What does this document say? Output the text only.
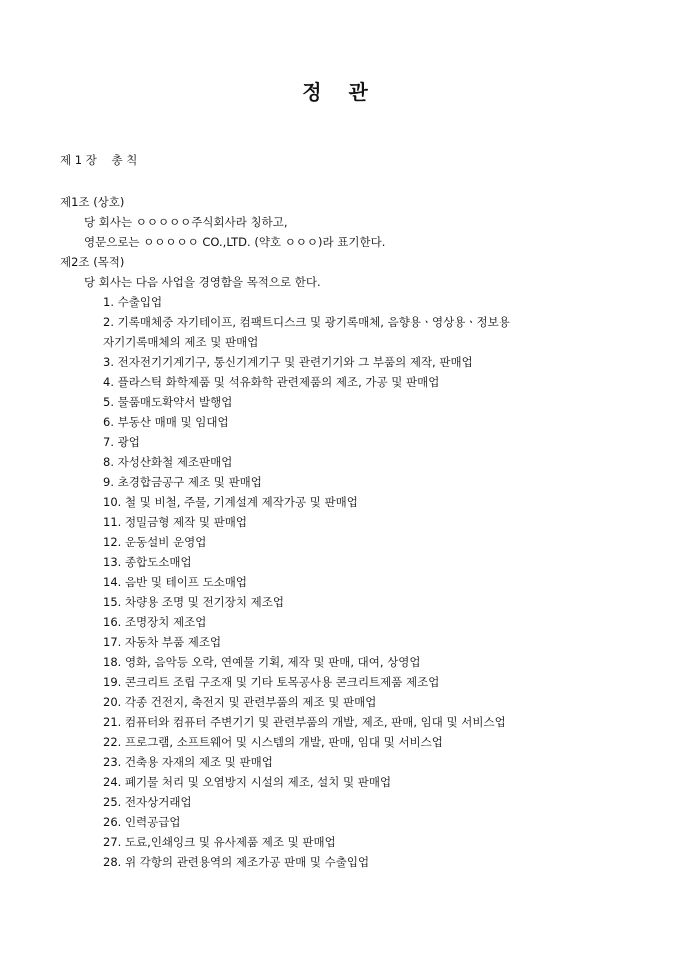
정 관
제 1 장    총 칙
제1조 (상호)
당 회사는 ㅇㅇㅇㅇㅇ주식회사라 칭하고,
영문으로는 ㅇㅇㅇㅇㅇ CO.,LTD. (약호 ㅇㅇㅇ)라 표기한다.
제2조 (목적)
당 회사는 다음 사업을 경영함을 목적으로 한다.
1. 수출입업
2. 기록매체중 자기테이프, 컴팩트디스크 및 광기록매체, 음향용ㆍ영상용ㆍ정보용
자기기록매체의 제조 및 판매업
3. 전자전기기계기구, 통신기계기구 및 관련기기와 그 부품의 제작, 판매업
4. 플라스틱 화학제품 및 석유화학 관련제품의 제조, 가공 및 판매업
5. 물품매도확약서 발행업
6. 부동산 매매 및 임대업
7. 광업
8. 자성산화철 제조판매업
9. 초경합금공구 제조 및 판매업
10. 철 및 비철, 주물, 기계설계 제작가공 및 판매업
11. 정밀금형 제작 및 판매업
12. 운동설비 운영업
13. 종합도소매업
14. 음반 및 테이프 도소매업
15. 차량용 조명 및 전기장치 제조업
16. 조명장치 제조업
17. 자동차 부품 제조업
18. 영화, 음악등 오락, 연예물 기획, 제작 및 판매, 대여, 상영업
19. 콘크리트 조립 구조재 및 기타 토목공사용 콘크리트제품 제조업
20. 각종 건전지, 축전지 및 관련부품의 제조 및 판매업
21. 컴퓨터와 컴퓨터 주변기기 및 관련부품의 개발, 제조, 판매, 임대 및 서비스업
22. 프로그램, 소프트웨어 및 시스템의 개발, 판매, 임대 및 서비스업
23. 건축용 자재의 제조 및 판매업
24. 폐기물 처리 및 오염방지 시설의 제조, 설치 및 판매업
25. 전자상거래업
26. 인력공급업
27. 도료,인쇄잉크 및 유사제품 제조 및 판매업
28. 위 각항의 관련용역의 제조가공 판매 및 수출입업
